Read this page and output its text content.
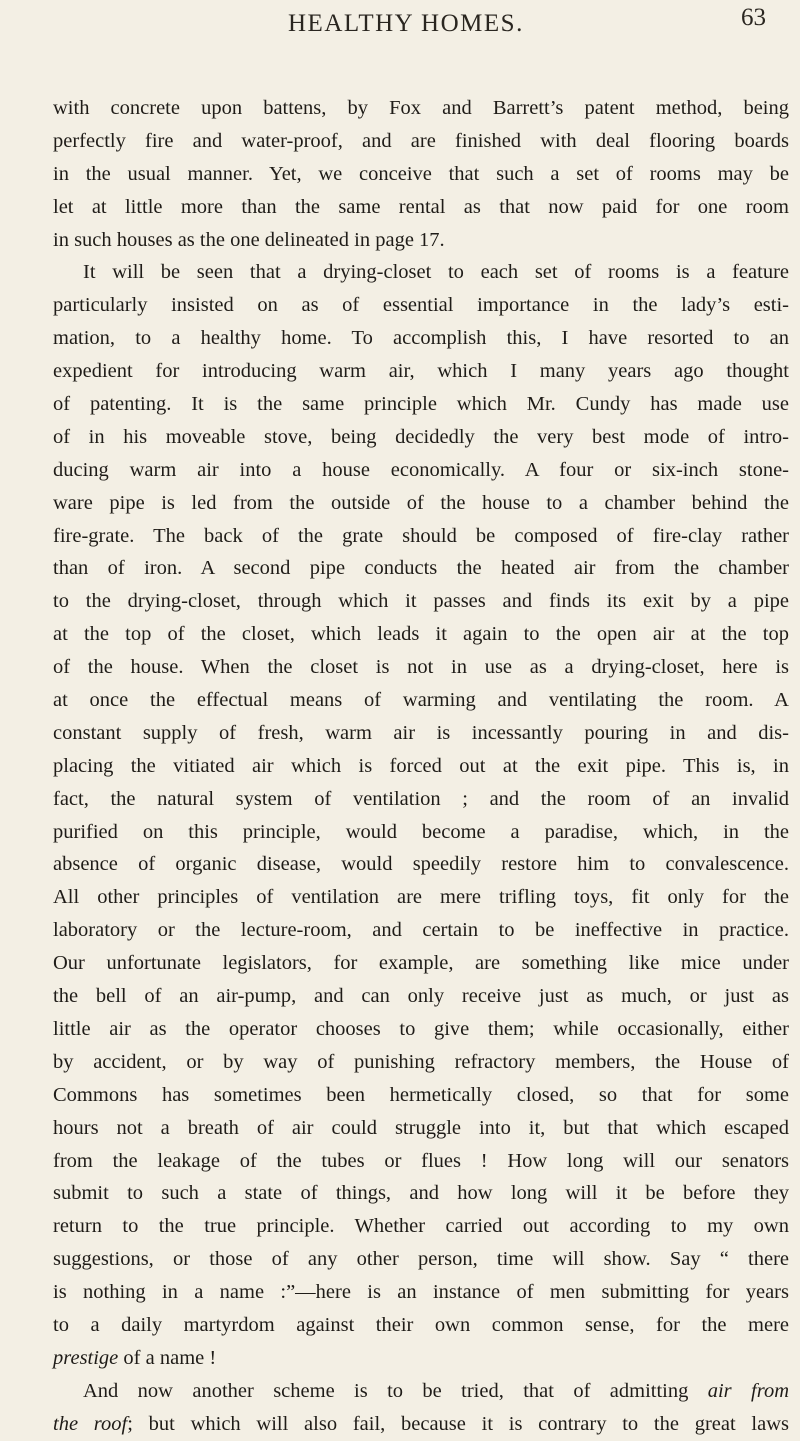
HEALTHY HOMES.	63
with concrete upon battens, by Fox and Barrett’s patent method, being
perfectly fire and water-proof, and are finished with deal flooring boards
in the usual manner. Yet, we conceive that such a set of rooms may be
let at little more than the same rental as that now paid for one room
in such houses as the one delineated in page 17.
It will be seen that a drying-closet to each set of rooms is a feature
particularly insisted on as of essential importance in the lady’s esti-
mation, to a healthy home. To accomplish this, I have resorted to an
expedient for introducing warm air, which I many years ago thought
of patenting. It is the same principle which Mr. Cundy has made use
of in his moveable stove, being decidedly the very best mode of intro-
ducing warm air into a house economically. A four or six-inch stone-
ware pipe is led from the outside of the house to a chamber behind the
fire-grate. The back of the grate should be composed of fire-clay rather
than of iron. A second pipe conducts the heated air from the chamber
to the drying-closet, through which it passes and finds its exit by a pipe
at the top of the closet, which leads it again to the open air at the top
of the house. When the closet is not in use as a drying-closet, here is
at once the effectual means of warming and ventilating the room. A
constant supply of fresh, warm air is incessantly pouring in and dis-
placing the vitiated air which is forced out at the exit pipe. This is, in
fact, the natural system of ventilation ; and the room of an invalid
purified on this principle, would become a paradise, which, in the
absence of organic disease, would speedily restore him to convalescence.
All other principles of ventilation are mere trifling toys, fit only for the
laboratory or the lecture-room, and certain to be ineffective in practice.
Our unfortunate legislators, for example, are something like mice under
the bell of an air-pump, and can only receive just as much, or just as
little air as the operator chooses to give them; while occasionally, either
by accident, or by way of punishing refractory members, the House of
Commons has sometimes been hermetically closed, so that for some
hours not a breath of air could struggle into it, but that which escaped
from the leakage of the tubes or flues ! How long will our senators
submit to such a state of things, and how long will it be before they
return to the true principle. Whether carried out according to my own
suggestions, or those of any other person, time will show. Say “ there
is nothing in a name :”—here is an instance of men submitting for years
to a daily martyrdom against their own common sense, for the mere
prestige of a name !
And now another scheme is to be tried, that of admitting air from
the roof; but which will also fail, because it is contrary to the great laws
